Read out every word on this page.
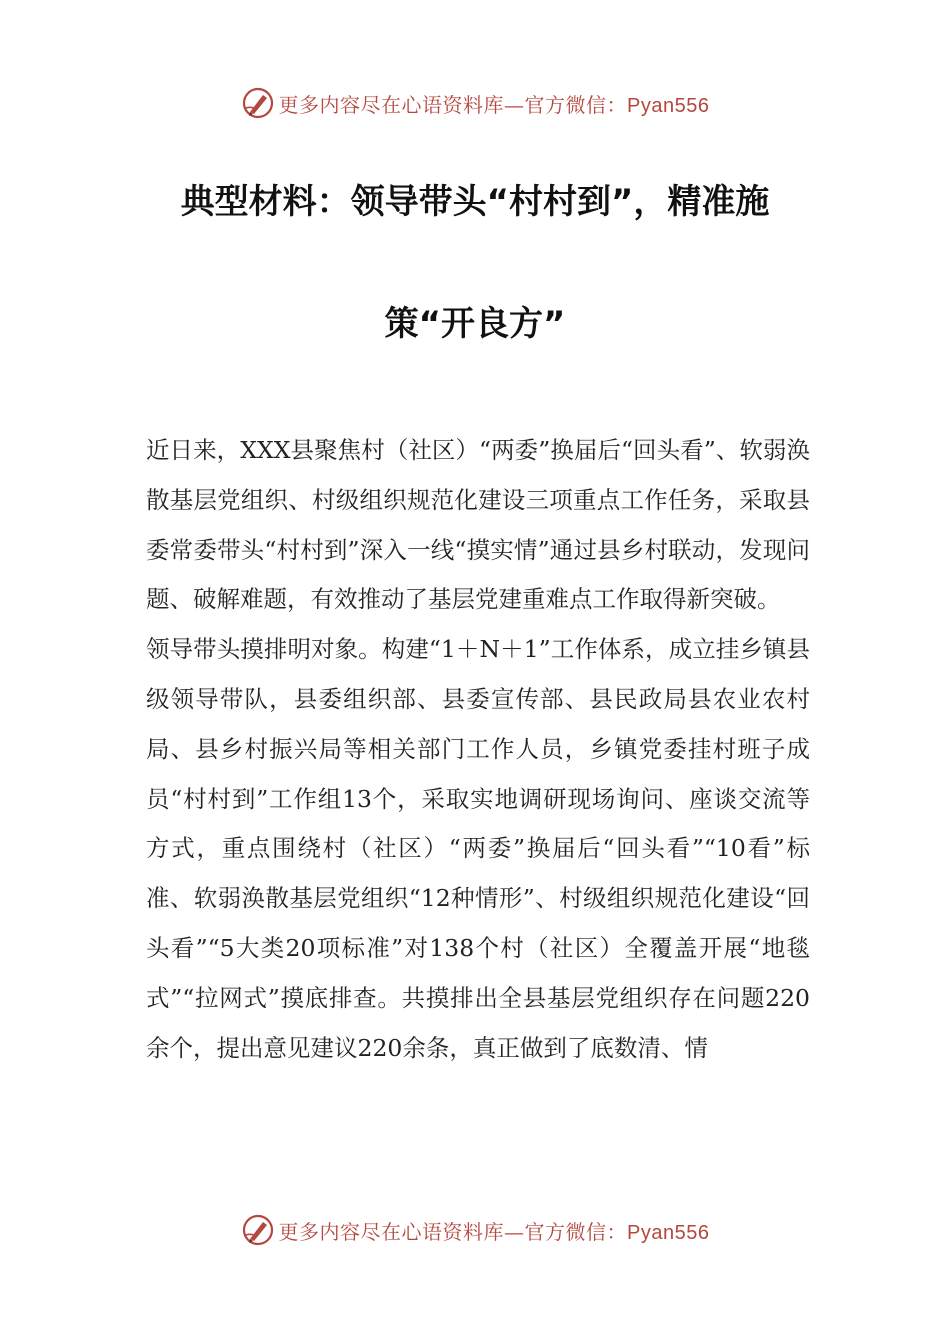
更多内容尽在心语资料库—官方微信：Pyan556
典型材料：领导带头“村村到”，精准施
策“开良方”

近日来，XXX县聚焦村（社区）“两委”换届后“回头看”、软弱涣散基层党组织、村级组织规范化建设三项重点工作任务，采取县委常委带头“村村到”深入一线“摸实情”通过县乡村联动，发现问题、破解难题，有效推动了基层党建重难点工作取得新突破。

领导带头摸排明对象。构建“1＋N＋1”工作体系，成立挂乡镇县级领导带队，县委组织部、县委宣传部、县民政局县农业农村局、县乡村振兴局等相关部门工作人员，乡镇党委挂村班子成员“村村到”工作组13个，采取实地调研现场询问、座谈交流等方式，重点围绕村（社区）“两委”换届后“回头看”“10看”标准、软弱涣散基层党组织“12种情形”、村级组织规范化建设“回头看”“5大类20项标准”对138个村（社区）全覆盖开展“地毯式”“拉网式”摸底排查。共摸排出全县基层党组织存在问题220余个，提出意见建议220余条，真正做到了底数清、情

更多内容尽在心语资料库—官方微信：Pyan556
